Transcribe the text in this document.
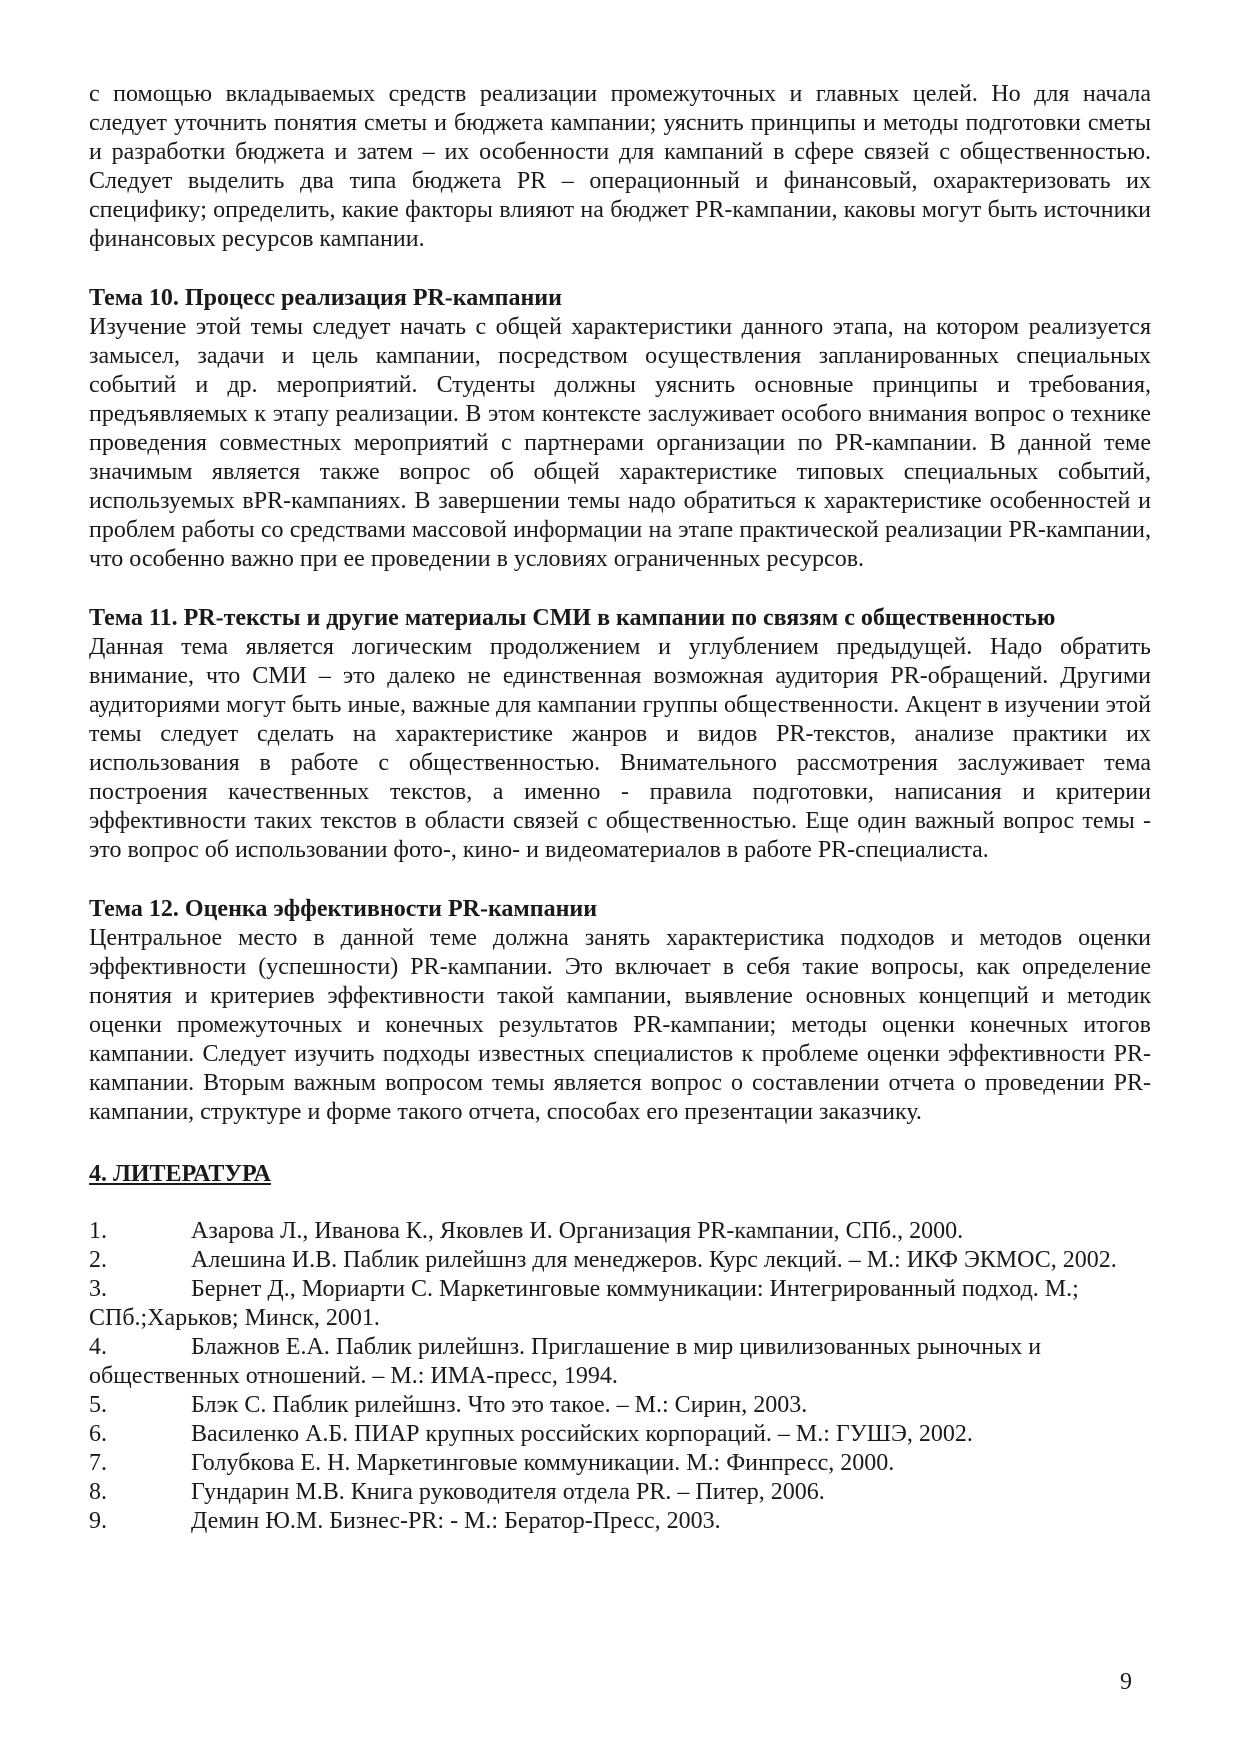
с помощью вкладываемых средств реализации промежуточных и главных целей. Но для начала следует уточнить понятия сметы и бюджета кампании; уяснить принципы и методы подготовки сметы и разработки бюджета и затем – их особенности для кампаний в сфере связей с общественностью. Следует выделить два типа бюджета PR – операционный и финансовый, охарактеризовать их специфику; определить, какие факторы влияют на бюджет PR-кампании, каковы могут быть источники финансовых ресурсов кампании.

Тема 10. Процесс реализация PR-кампании

Изучение этой темы следует начать с общей характеристики данного этапа, на котором реализуется замысел, задачи и цель кампании, посредством осуществления запланированных специальных событий и др. мероприятий. Студенты должны уяснить основные принципы и требования, предъявляемых к этапу реализации. В этом контексте заслуживает особого внимания вопрос о технике проведения совместных мероприятий с партнерами организации по PR-кампании. В данной теме значимым является также вопрос об общей характеристике типовых специальных событий, используемых вPR-кампаниях. В завершении темы надо обратиться к характеристике особенностей и проблем работы со средствами массовой информации на этапе практической реализации PR-кампании, что особенно важно при ее проведении в условиях ограниченных ресурсов.

Тема 11. PR-тексты и другие материалы СМИ в кампании по связям с общественностью

Данная тема является логическим продолжением и углублением предыдущей. Надо обратить внимание, что СМИ – это далеко не единственная возможная аудитория PR-обращений. Другими аудиториями могут быть иные, важные для кампании группы общественности. Акцент в изучении этой темы следует сделать на характеристике жанров и видов PR-текстов, анализе практики их использования в работе с общественностью. Внимательного рассмотрения заслуживает тема построения качественных текстов, а именно - правила подготовки, написания и критерии эффективности таких текстов в области связей с общественностью. Еще один важный вопрос темы - это вопрос об использовании фото-, кино- и видеоматериалов в работе PR-специалиста.

Тема 12. Оценка эффективности PR-кампании

Центральное место в данной теме должна занять характеристика подходов и методов оценки эффективности (успешности) PR-кампании. Это включает в себя такие вопросы, как определение понятия и критериев эффективности такой кампании, выявление основных концепций и методик оценки промежуточных и конечных результатов PR-кампании; методы оценки конечных итогов кампании. Следует изучить подходы известных специалистов к проблеме оценки эффективности PR-кампании. Вторым важным вопросом темы является вопрос о составлении отчета о проведении PR-кампании, структуре и форме такого отчета, способах его презентации заказчику.

4. ЛИТЕРАТУРА

1.	Азарова Л., Иванова К., Яковлев И. Организация PR-кампании, СПб., 2000.

2.	Алешина И.В. Паблик рилейшнз для менеджеров. Курс лекций. – М.: ИКФ ЭКМОС, 2002.

3.	Бернет Д., Мориарти С. Маркетинговые коммуникации: Интегрированный подход. М.; СПб.;Харьков; Минск, 2001.

4.	Блажнов Е.А. Паблик рилейшнз. Приглашение в мир цивилизованных рыночных и общественных отношений. – М.: ИМА-пресс, 1994.

5.	Блэк С. Паблик рилейшнз. Что это такое. – М.: Сирин, 2003.

6.	Василенко А.Б. ПИАР крупных российских корпораций. – М.: ГУШЭ, 2002.

7.	Голубкова Е. Н. Маркетинговые коммуникации. М.: Финпресс, 2000.

8.	Гундарин М.В. Книга руководителя отдела PR. – Питер, 2006.

9.	Демин Ю.М. Бизнес-PR: - М.: Бератор-Пресс, 2003.

9
